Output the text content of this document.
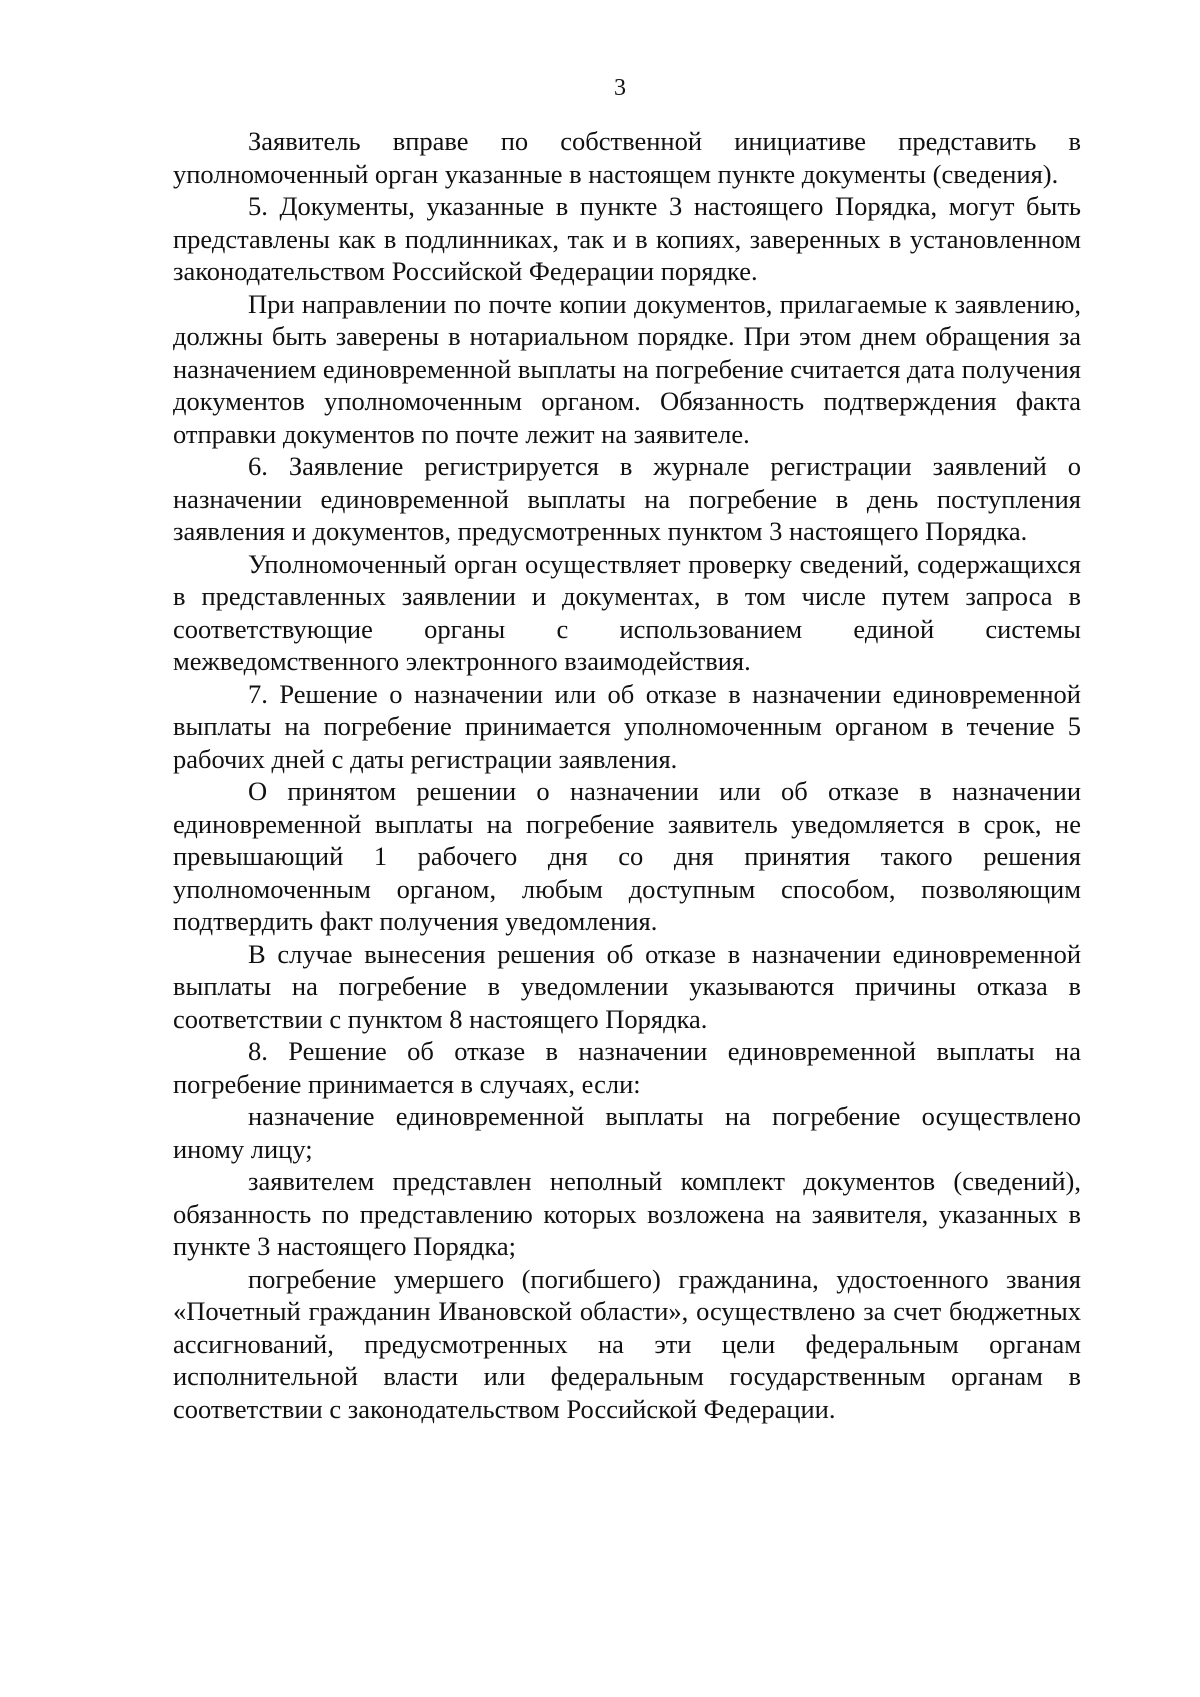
3

Заявитель вправе по собственной инициативе представить в уполномоченный орган указанные в настоящем пункте документы (сведения).

5. Документы, указанные в пункте 3 настоящего Порядка, могут быть представлены как в подлинниках, так и в копиях, заверенных в установленном законодательством Российской Федерации порядке.

При направлении по почте копии документов, прилагаемые к заявлению, должны быть заверены в нотариальном порядке. При этом днем обращения за назначением единовременной выплаты на погребение считается дата получения документов уполномоченным органом. Обязанность подтверждения факта отправки документов по почте лежит на заявителе.

6. Заявление регистрируется в журнале регистрации заявлений о назначении единовременной выплаты на погребение в день поступления заявления и документов, предусмотренных пунктом 3 настоящего Порядка.

Уполномоченный орган осуществляет проверку сведений, содержащихся в представленных заявлении и документах, в том числе путем запроса в соответствующие органы с использованием единой системы межведомственного электронного взаимодействия.

7. Решение о назначении или об отказе в назначении единовременной выплаты на погребение принимается уполномоченным органом в течение 5 рабочих дней с даты регистрации заявления.

О принятом решении о назначении или об отказе в назначении единовременной выплаты на погребение заявитель уведомляется в срок, не превышающий 1 рабочего дня со дня принятия такого решения уполномоченным органом, любым доступным способом, позволяющим подтвердить факт получения уведомления.

В случае вынесения решения об отказе в назначении единовременной выплаты на погребение в уведомлении указываются причины отказа в соответствии с пунктом 8 настоящего Порядка.

8. Решение об отказе в назначении единовременной выплаты на погребение принимается в случаях, если:

назначение единовременной выплаты на погребение осуществлено иному лицу;

заявителем представлен неполный комплект документов (сведений), обязанность по представлению которых возложена на заявителя, указанных в пункте 3 настоящего Порядка;

погребение умершего (погибшего) гражданина, удостоенного звания «Почетный гражданин Ивановской области», осуществлено за счет бюджетных ассигнований, предусмотренных на эти цели федеральным органам исполнительной власти или федеральным государственным органам в соответствии с законодательством Российской Федерации.
